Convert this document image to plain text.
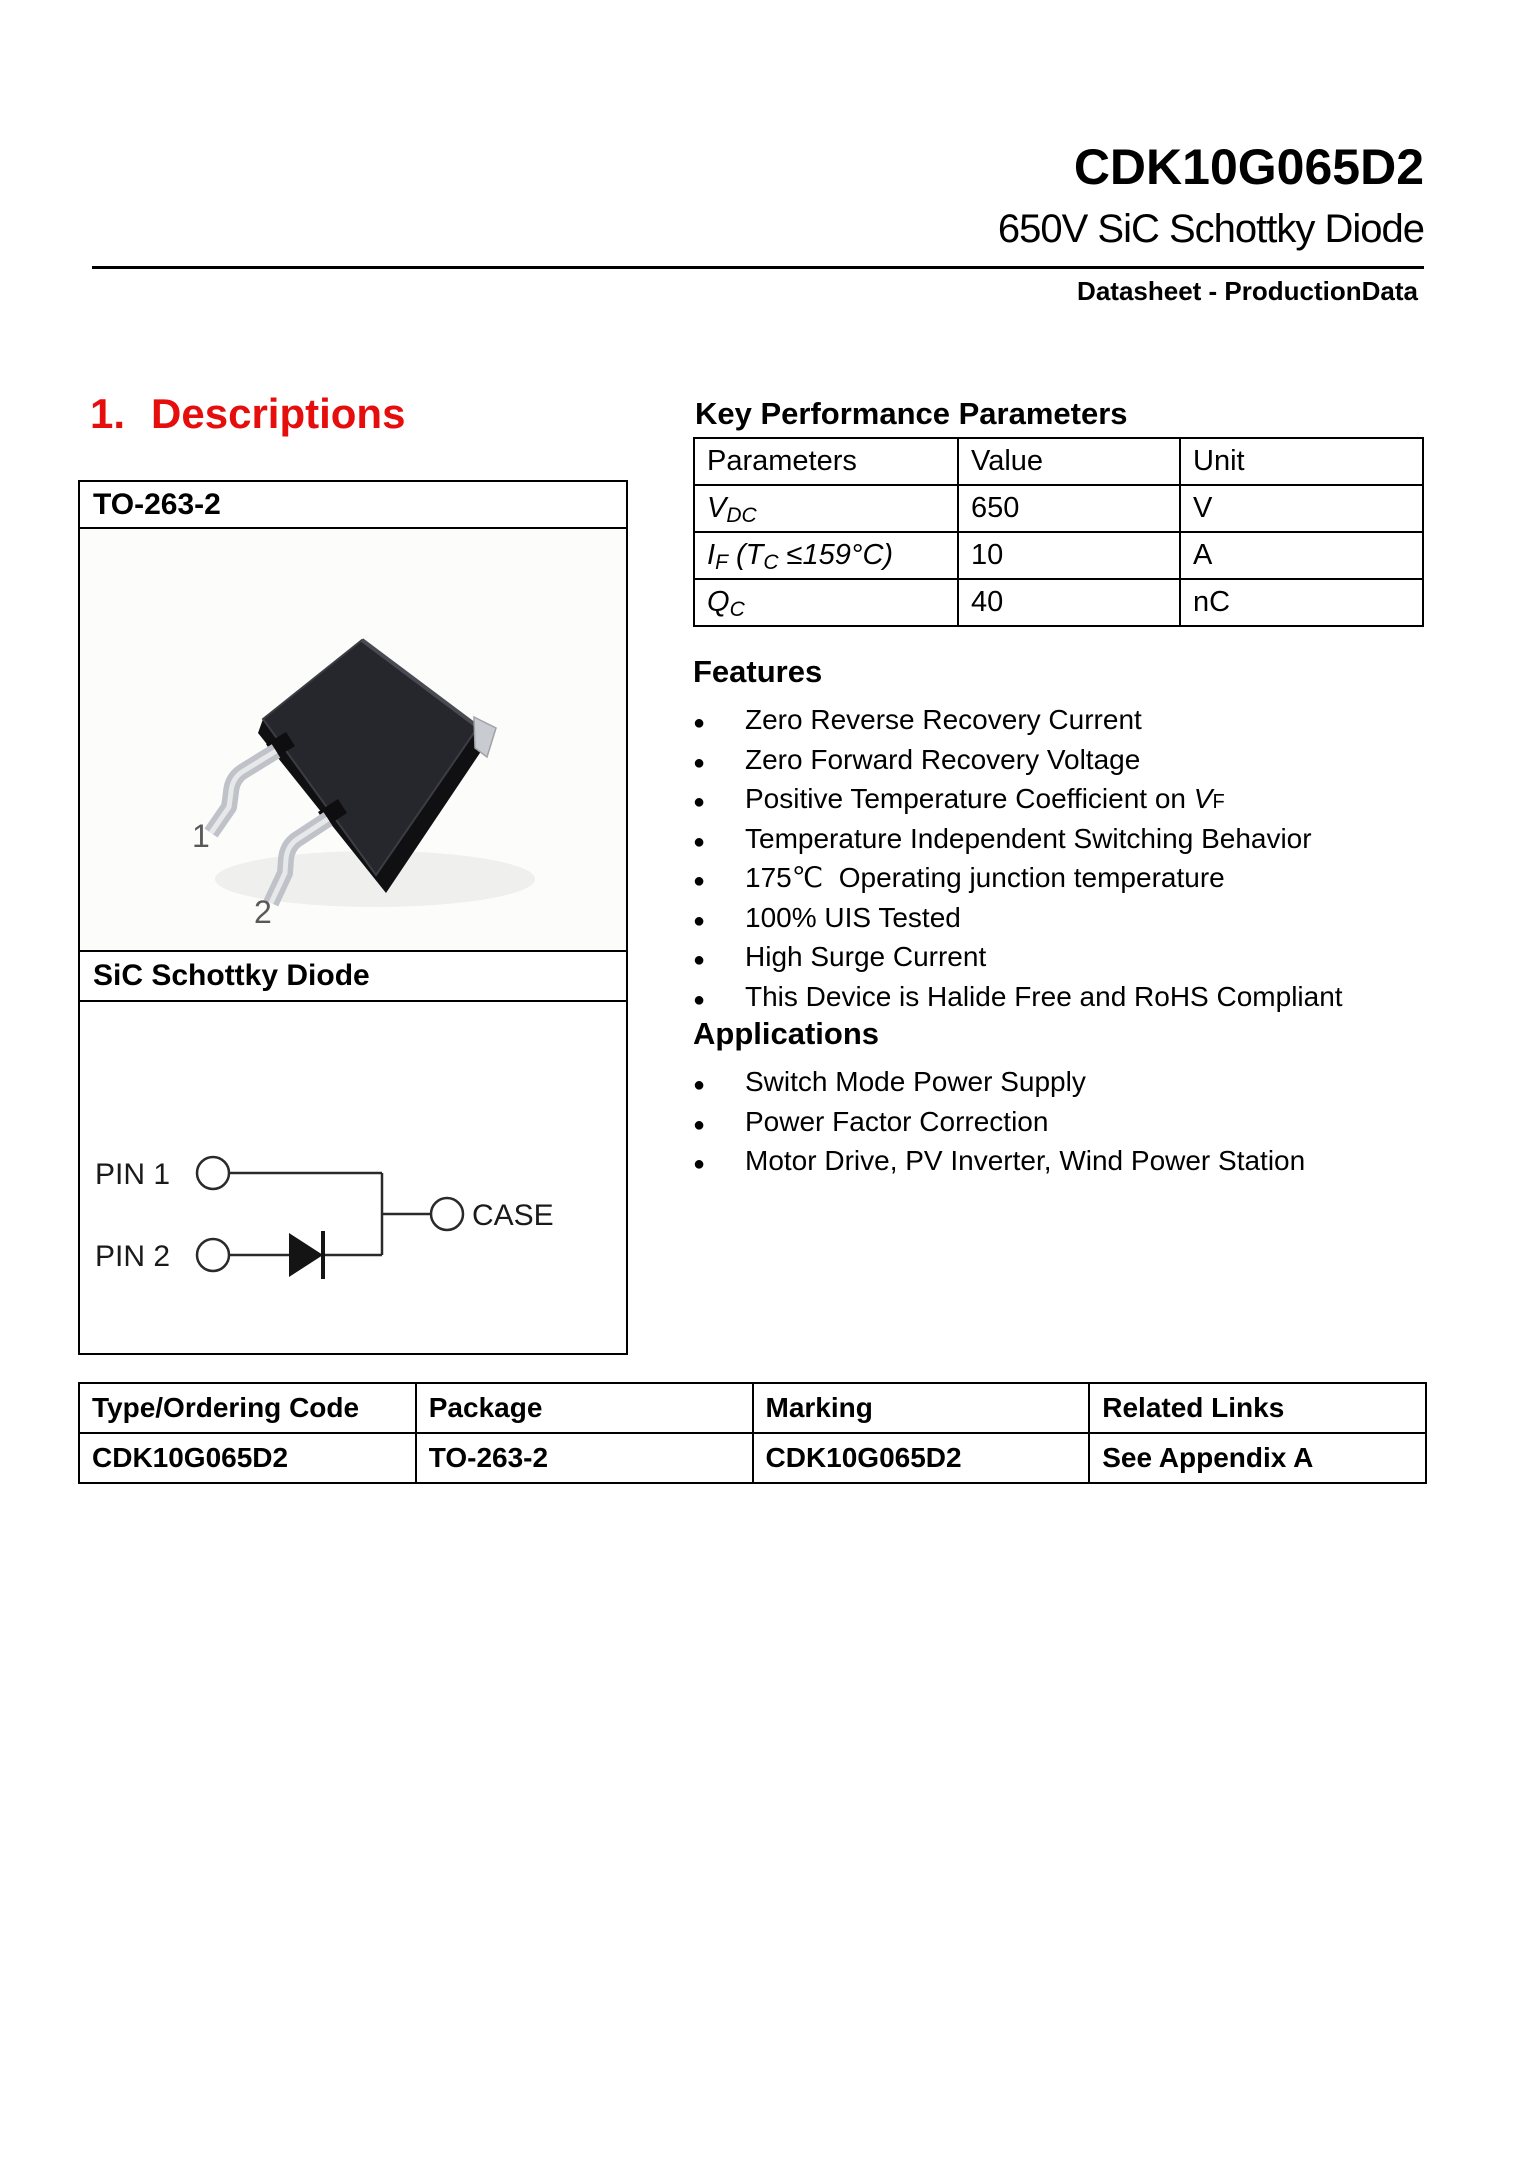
CDK10G065D2
650V SiC Schottky Diode
Datasheet - ProductionData
1. Descriptions
TO-263-2
1
2
SiC Schottky Diode
PIN 1
PIN 2
CASE
Key Performance Parameters
Parameters	Value	Unit
$V_{DC}$	650	V
$I_F$ $(T_C \le 159^\circ C)$	10	A
$Q_C$	40	nC
Features
●	Zero Reverse Recovery Current
●	Zero Forward Recovery Voltage
●	Positive Temperature Coefficient on V F
●	Temperature Independent Switching Behavior
●	175℃  Operating junction temperature
●	100% UIS Tested
●	High Surge Current
●	This Device is Halide Free and RoHS Compliant
Applications
●	Switch Mode Power Supply
●	Power Factor Correction
●	Motor Drive, PV Inverter, Wind Power Station
Type/Ordering Code	Package	Marking	Related Links
CDK10G065D2	TO-263-2	CDK10G065D2	See Appendix A
